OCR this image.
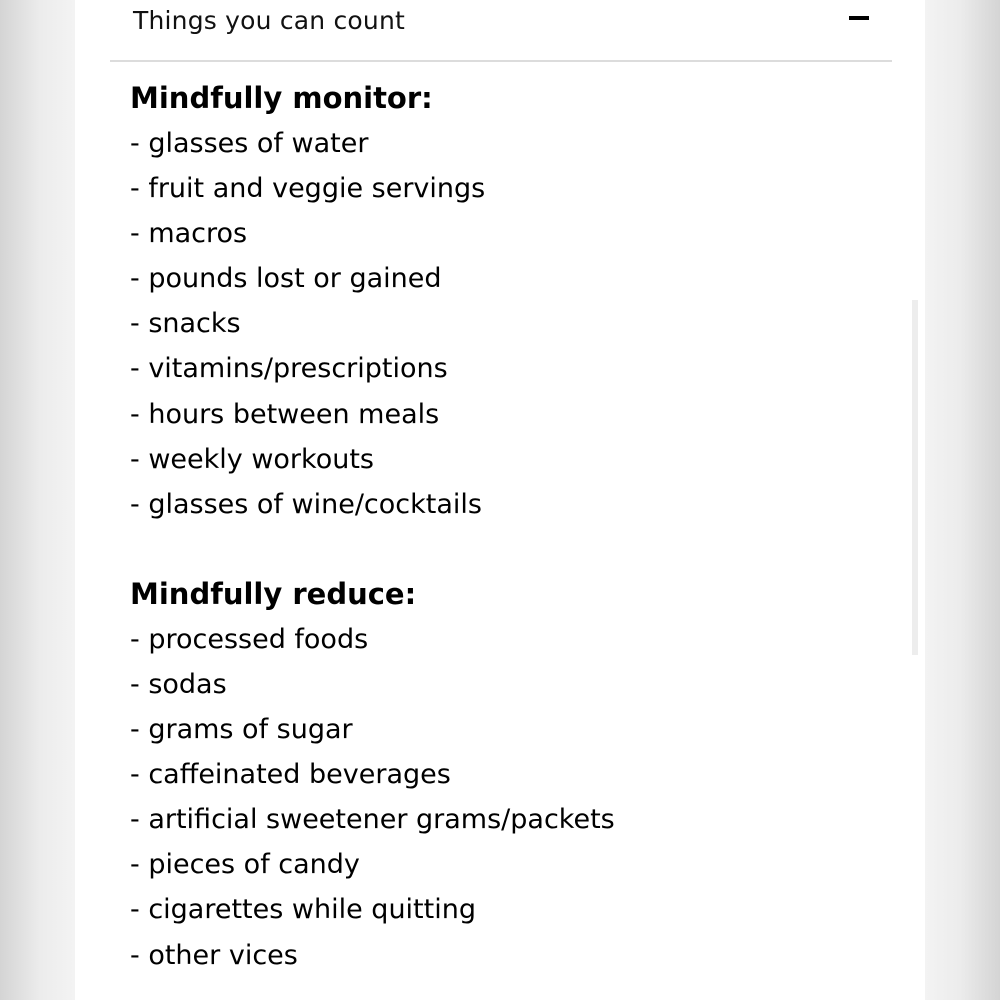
Things you can count
Mindfully monitor:
- glasses of water
- fruit and veggie servings
- macros
- pounds lost or gained
- snacks
- vitamins/prescriptions
- hours between meals
- weekly workouts
- glasses of wine/cocktails
Mindfully reduce:
- processed foods
- sodas
- grams of sugar
- caffeinated beverages
- artificial sweetener grams/packets
- pieces of candy
- cigarettes while quitting
- other vices
